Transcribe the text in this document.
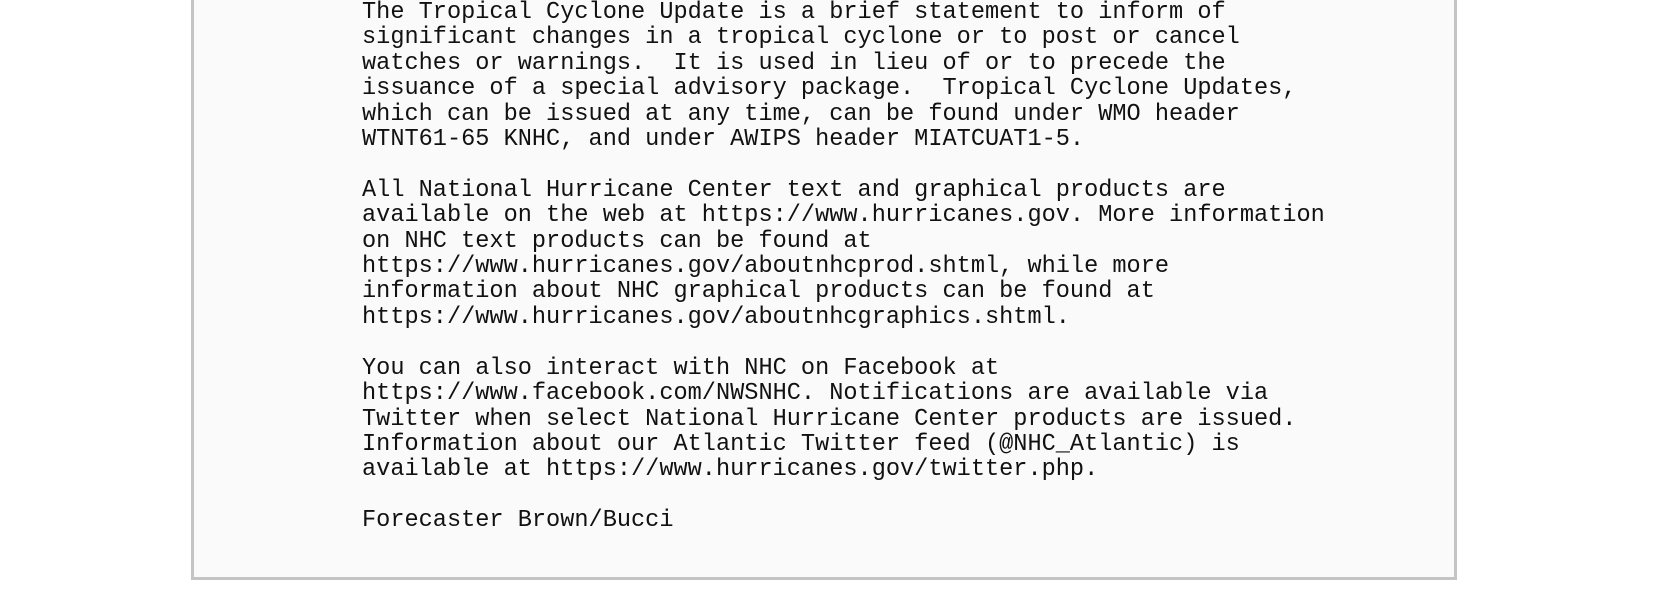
The Tropical Cyclone Update is a brief statement to inform of
significant changes in a tropical cyclone or to post or cancel
watches or warnings.  It is used in lieu of or to precede the
issuance of a special advisory package.  Tropical Cyclone Updates,
which can be issued at any time, can be found under WMO header
WTNT61-65 KNHC, and under AWIPS header MIATCUAT1-5.

All National Hurricane Center text and graphical products are
available on the web at https://www.hurricanes.gov. More information
on NHC text products can be found at
https://www.hurricanes.gov/aboutnhcprod.shtml, while more
information about NHC graphical products can be found at
https://www.hurricanes.gov/aboutnhcgraphics.shtml.

You can also interact with NHC on Facebook at
https://www.facebook.com/NWSNHC. Notifications are available via
Twitter when select National Hurricane Center products are issued.
Information about our Atlantic Twitter feed (@NHC_Atlantic) is
available at https://www.hurricanes.gov/twitter.php.

Forecaster Brown/Bucci
